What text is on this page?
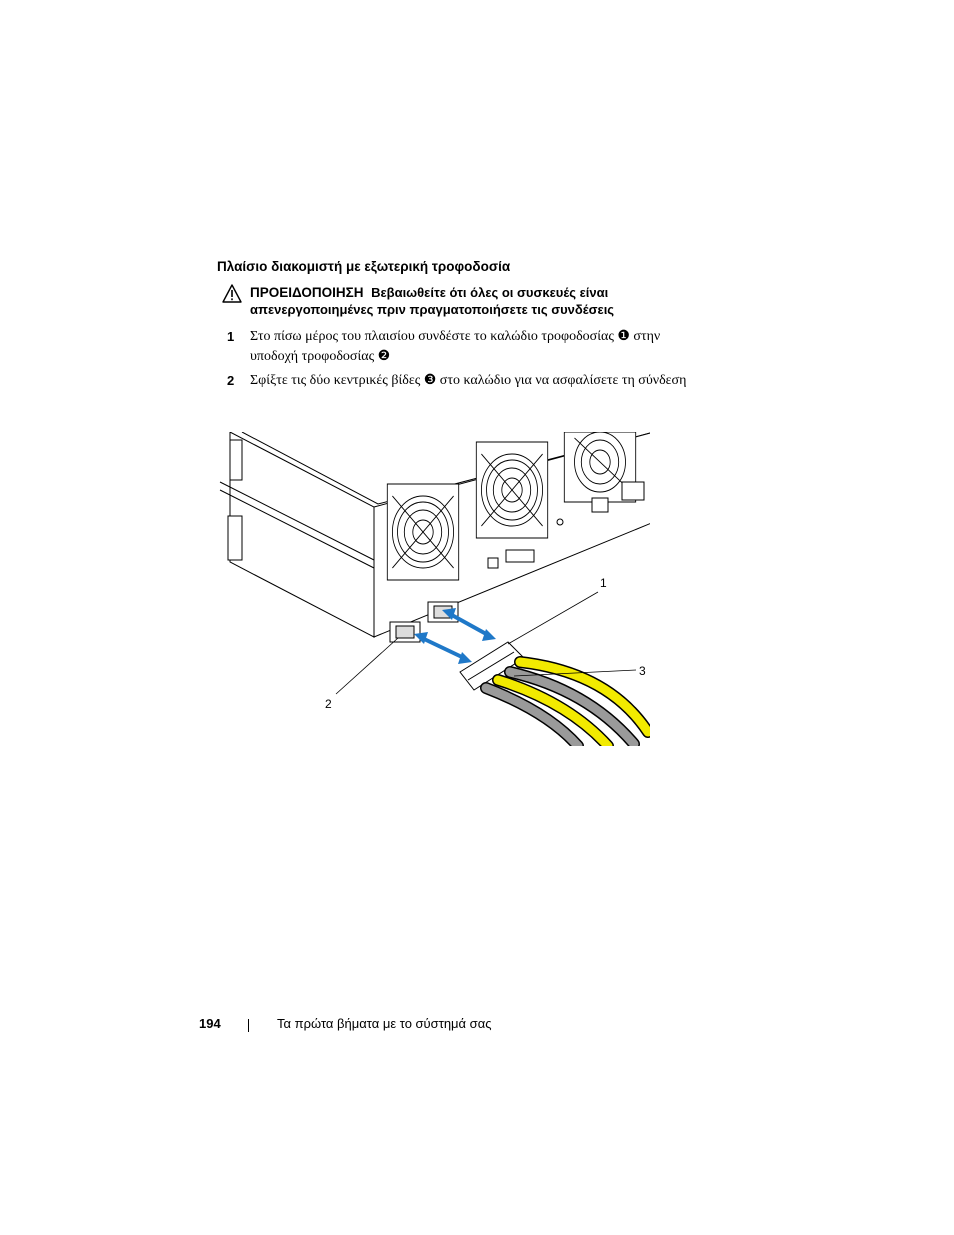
Πλαίσιο διακομιστή με εξωτερική τροφοδοσία
ΠΡΟΕΙΔΟΠΟΙΗΣΗ Βεβαιωθείτε ότι όλες οι συσκευές είναι απενεργοποιημένες πριν πραγματοποιήσετε τις συνδέσεις
1 Στο πίσω μέρος του πλαισίου συνδέστε το καλώδιο τροφοδοσίας ❶ στην υποδοχή τροφοδοσίας ❷
2 Σφίξτε τις δύο κεντρικές βίδες ❸ στο καλώδιο για να ασφαλίσετε τη σύνδεση
1
2
3
194	Τα πρώτα βήματα με το σύστημά σας
